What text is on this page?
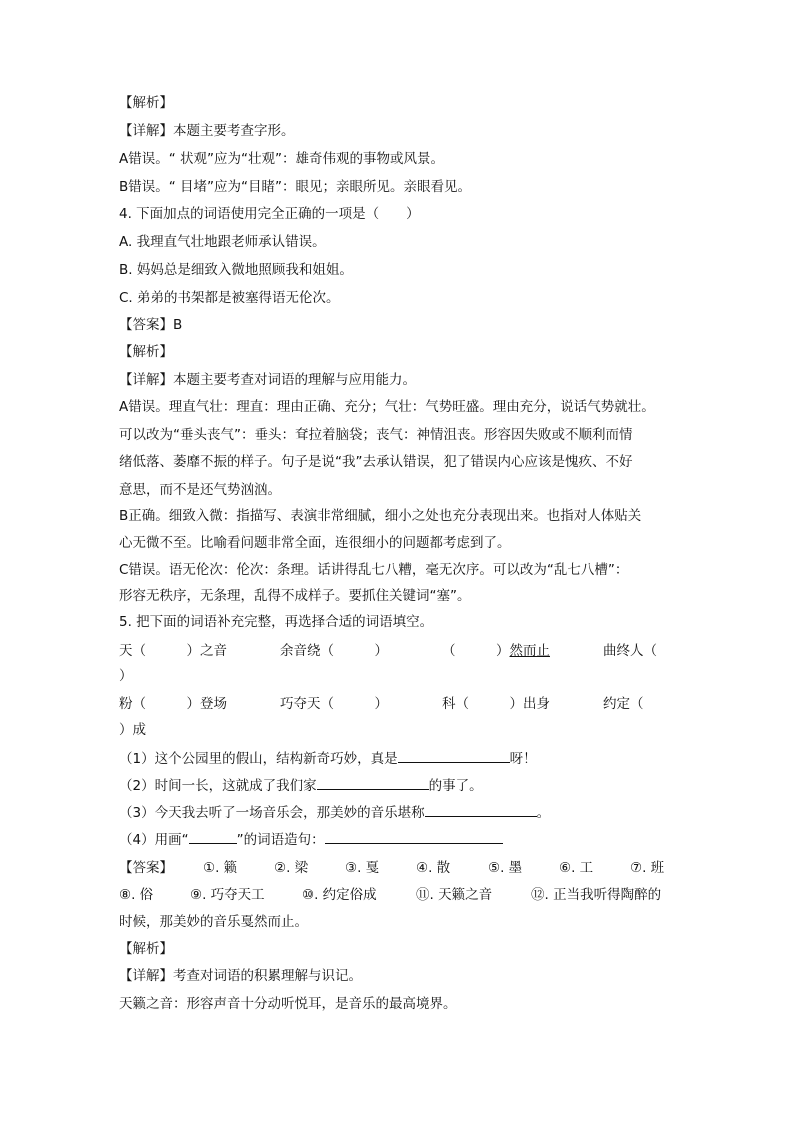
【解析】
【详解】本题主要考查字形。
A错误。“ 状观”应为“壮观”：雄奇伟观的事物或风景。
B错误。“ 目堵”应为“目睹”：眼见；亲眼所见。亲眼看见。
4. 下面加点的词语使用完全正确的一项是（　　）
A. 我理直气壮地跟老师承认错误。
B. 妈妈总是细致入微地照顾我和姐姐。
C. 弟弟的书架都是被塞得语无伦次。
【答案】B
【解析】
【详解】本题主要考查对词语的理解与应用能力。
A错误。理直气壮：理直：理由正确、充分；气壮：气势旺盛。理由充分，说话气势就壮。
可以改为“垂头丧气”：垂头：耷拉着脑袋；丧气：神情沮丧。形容因失败或不顺利而情
绪低落、萎靡不振的样子。句子是说“我”去承认错误，犯了错误内心应该是愧疚、不好
意思，而不是还气势汹汹。
B正确。细致入微：指描写、表演非常细腻，细小之处也充分表现出来。也指对人体贴关
心无微不至。比喻看问题非常全面，连很细小的问题都考虑到了。
C错误。语无伦次：伦次：条理。话讲得乱七八糟，毫无次序。可以改为“乱七八槽”：
形容无秩序，无条理，乱得不成样子。要抓住关键词“塞”。
5. 把下面的词语补充完整，再选择合适的词语填空。
天（　　　）之音	余音绕（　　　）	（　　　）然而止	曲终人（
）
粉（　　　）登场	巧夺天（　　　）	科（　　　）出身	约定（
）成
（1）这个公园里的假山，结构新奇巧妙，真是	呀！
（2）时间一长，这就成了我们家	的事了。
（3）今天我去听了一场音乐会，那美妙的音乐堪称	。
（4）用画“	”的词语造句：
【答案】 ①. 籁	②. 梁	③. 戛	④. 散	⑤. 墨	⑥. 工	⑦. 班
⑧. 俗	⑨. 巧夺天工	⑩. 约定俗成	⑪. 天籁之音	⑫. 正当我听得陶醉的
时候，那美妙的音乐戛然而止。
【解析】
【详解】考查对词语的积累理解与识记。
天籁之音：形容声音十分动听悦耳，是音乐的最高境界。
